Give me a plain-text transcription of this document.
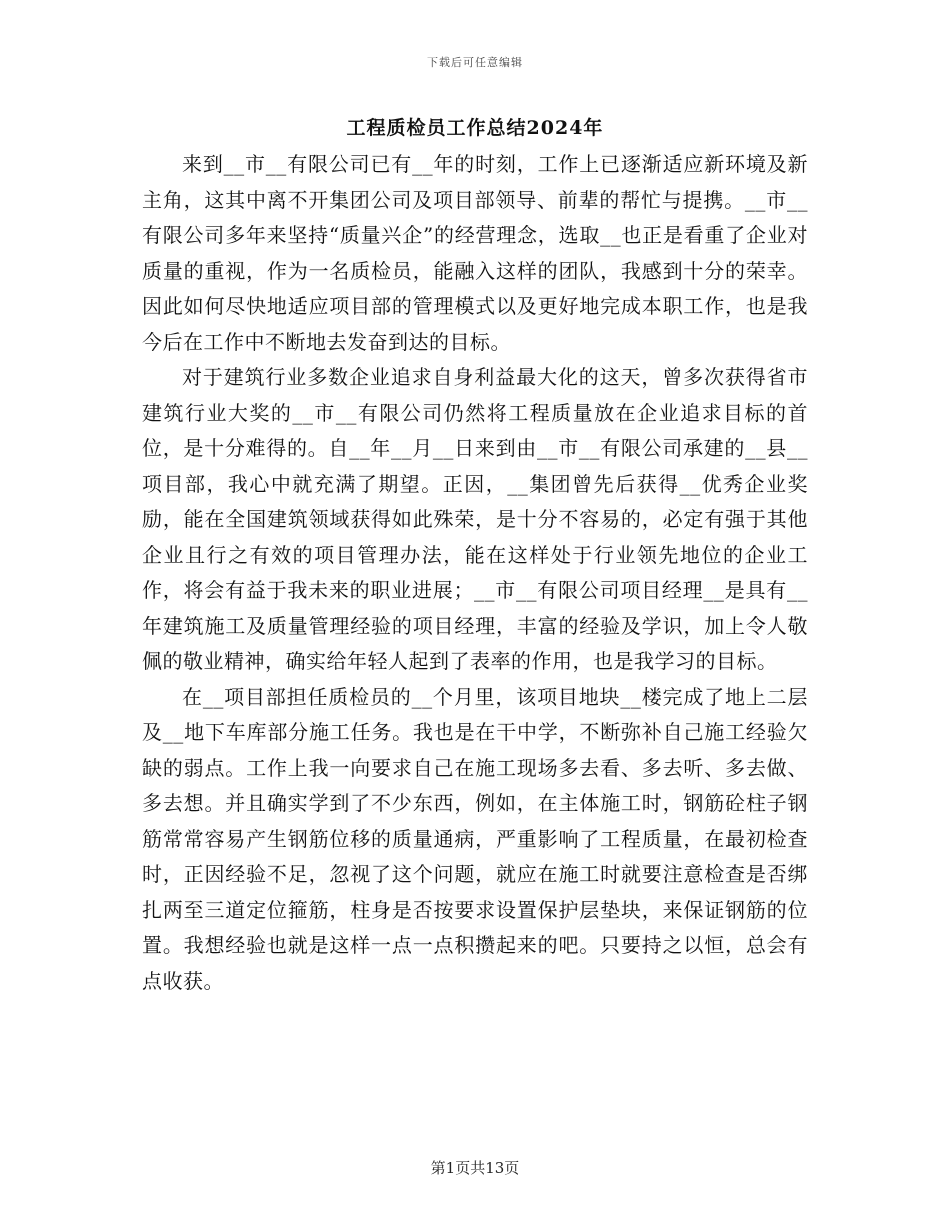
下载后可任意编辑
工程质检员工作总结2024年

来到__市__有限公司已有__年的时刻，工作上已逐渐适应新环境及新主角，这其中离不开集团公司及项目部领导、前辈的帮忙与提携。__市__有限公司多年来坚持“质量兴企”的经营理念，选取__也正是看重了企业对质量的重视，作为一名质检员，能融入这样的团队，我感到十分的荣幸。因此如何尽快地适应项目部的管理模式以及更好地完成本职工作，也是我今后在工作中不断地去发奋到达的目标。

对于建筑行业多数企业追求自身利益最大化的这天，曾多次获得省市建筑行业大奖的__市__有限公司仍然将工程质量放在企业追求目标的首位，是十分难得的。自__年__月__日来到由__市__有限公司承建的__县__项目部，我心中就充满了期望。正因，__集团曾先后获得__优秀企业奖励，能在全国建筑领域获得如此殊荣，是十分不容易的，必定有强于其他企业且行之有效的项目管理办法，能在这样处于行业领先地位的企业工作，将会有益于我未来的职业进展；__市__有限公司项目经理__是具有__年建筑施工及质量管理经验的项目经理，丰富的经验及学识，加上令人敬佩的敬业精神，确实给年轻人起到了表率的作用，也是我学习的目标。

在__项目部担任质检员的__个月里，该项目地块__楼完成了地上二层及__地下车库部分施工任务。我也是在干中学，不断弥补自己施工经验欠缺的弱点。工作上我一向要求自己在施工现场多去看、多去听、多去做、多去想。并且确实学到了不少东西，例如，在主体施工时，钢筋砼柱子钢筋常常容易产生钢筋位移的质量通病，严重影响了工程质量，在最初检查时，正因经验不足，忽视了这个问题，就应在施工时就要注意检查是否绑扎两至三道定位箍筋，柱身是否按要求设置保护层垫块，来保证钢筋的位置。我想经验也就是这样一点一点积攒起来的吧。只要持之以恒，总会有点收获。

第1页共13页
